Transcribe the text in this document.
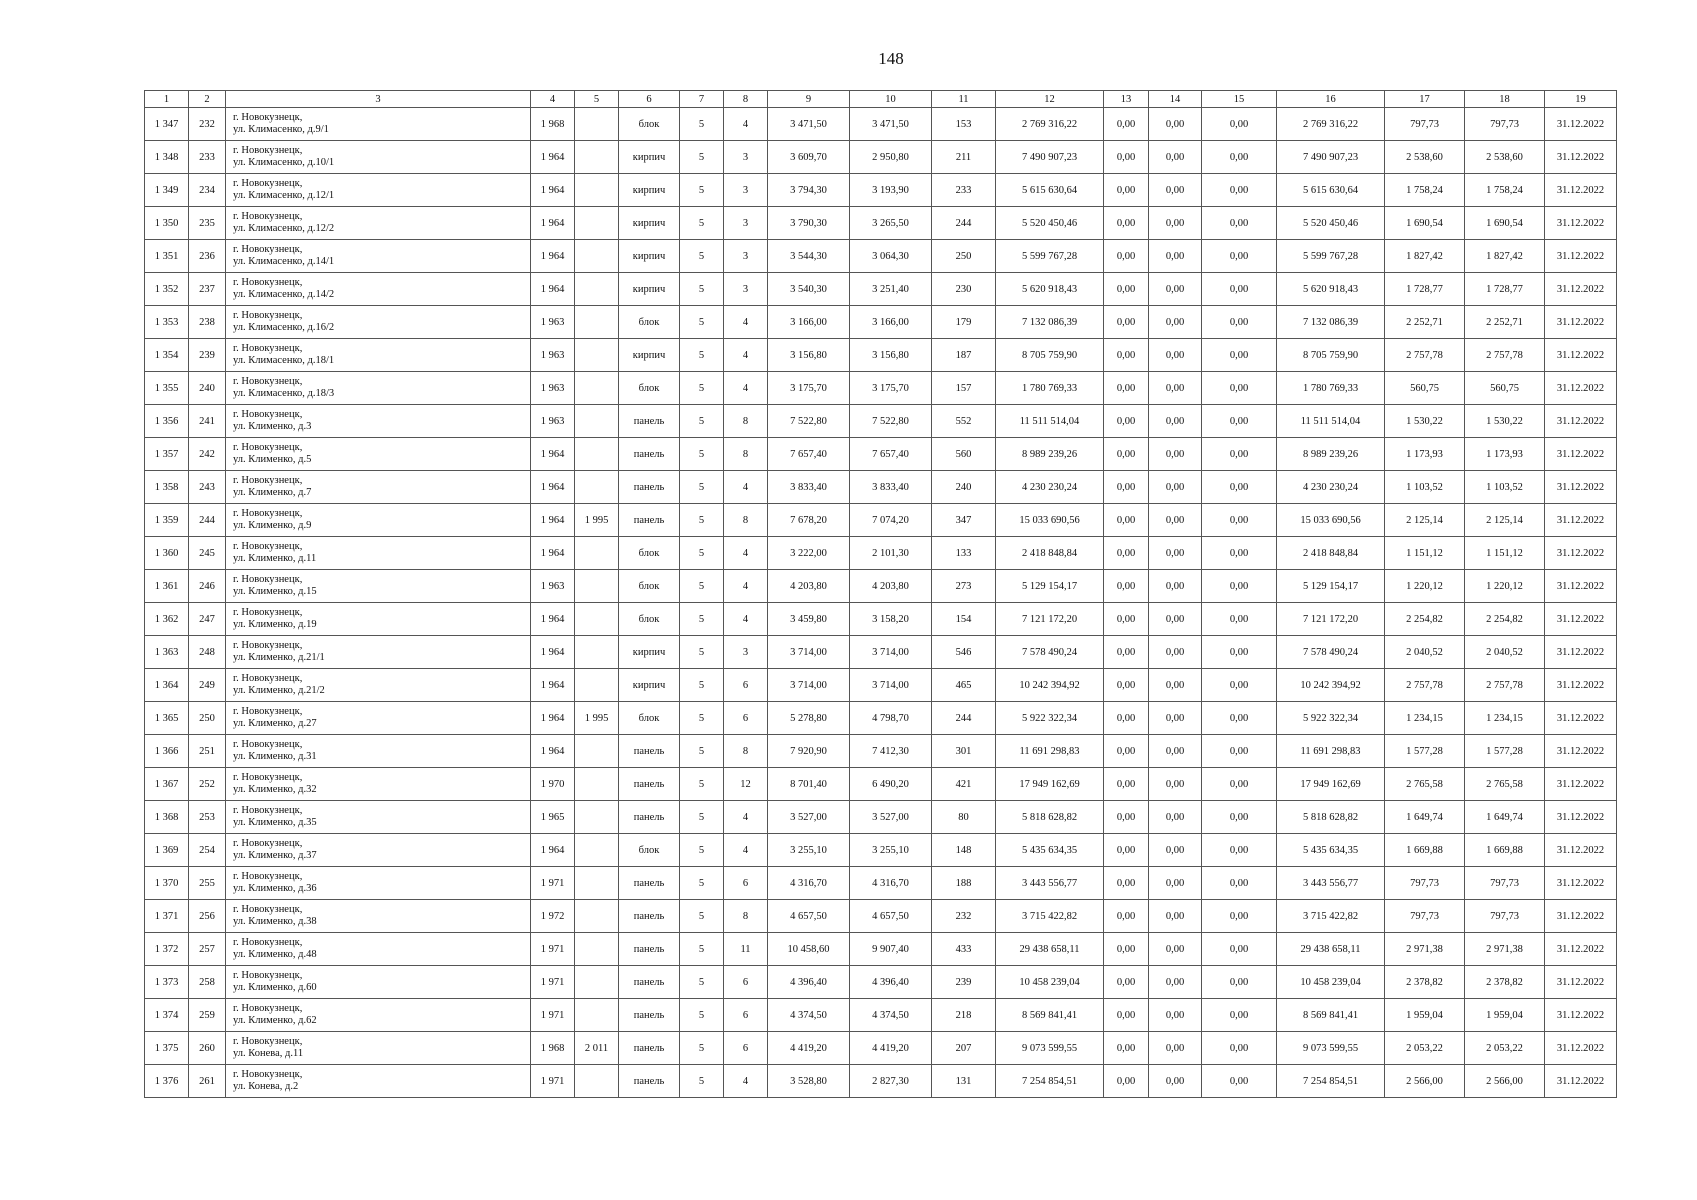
148
1	2	3	4	5	6	7	8	9	10	11	12	13	14	15	16	17	18	19
1 347	232	г. Новокузнецк,
ул. Климасенко, д.9/1	1 968		блок	5	4	3 471,50	3 471,50	153	2 769 316,22	0,00	0,00	0,00	2 769 316,22	797,73	797,73	31.12.2022
1 348	233	г. Новокузнецк,
ул. Климасенко, д.10/1	1 964		кирпич	5	3	3 609,70	2 950,80	211	7 490 907,23	0,00	0,00	0,00	7 490 907,23	2 538,60	2 538,60	31.12.2022
1 349	234	г. Новокузнецк,
ул. Климасенко, д.12/1	1 964		кирпич	5	3	3 794,30	3 193,90	233	5 615 630,64	0,00	0,00	0,00	5 615 630,64	1 758,24	1 758,24	31.12.2022
1 350	235	г. Новокузнецк,
ул. Климасенко, д.12/2	1 964		кирпич	5	3	3 790,30	3 265,50	244	5 520 450,46	0,00	0,00	0,00	5 520 450,46	1 690,54	1 690,54	31.12.2022
1 351	236	г. Новокузнецк,
ул. Климасенко, д.14/1	1 964		кирпич	5	3	3 544,30	3 064,30	250	5 599 767,28	0,00	0,00	0,00	5 599 767,28	1 827,42	1 827,42	31.12.2022
1 352	237	г. Новокузнецк,
ул. Климасенко, д.14/2	1 964		кирпич	5	3	3 540,30	3 251,40	230	5 620 918,43	0,00	0,00	0,00	5 620 918,43	1 728,77	1 728,77	31.12.2022
1 353	238	г. Новокузнецк,
ул. Климасенко, д.16/2	1 963		блок	5	4	3 166,00	3 166,00	179	7 132 086,39	0,00	0,00	0,00	7 132 086,39	2 252,71	2 252,71	31.12.2022
1 354	239	г. Новокузнецк,
ул. Климасенко, д.18/1	1 963		кирпич	5	4	3 156,80	3 156,80	187	8 705 759,90	0,00	0,00	0,00	8 705 759,90	2 757,78	2 757,78	31.12.2022
1 355	240	г. Новокузнецк,
ул. Климасенко, д.18/3	1 963		блок	5	4	3 175,70	3 175,70	157	1 780 769,33	0,00	0,00	0,00	1 780 769,33	560,75	560,75	31.12.2022
1 356	241	г. Новокузнецк,
ул. Клименко, д.3	1 963		панель	5	8	7 522,80	7 522,80	552	11 511 514,04	0,00	0,00	0,00	11 511 514,04	1 530,22	1 530,22	31.12.2022
1 357	242	г. Новокузнецк,
ул. Клименко, д.5	1 964		панель	5	8	7 657,40	7 657,40	560	8 989 239,26	0,00	0,00	0,00	8 989 239,26	1 173,93	1 173,93	31.12.2022
1 358	243	г. Новокузнецк,
ул. Клименко, д.7	1 964		панель	5	4	3 833,40	3 833,40	240	4 230 230,24	0,00	0,00	0,00	4 230 230,24	1 103,52	1 103,52	31.12.2022
1 359	244	г. Новокузнецк,
ул. Клименко, д.9	1 964	1 995	панель	5	8	7 678,20	7 074,20	347	15 033 690,56	0,00	0,00	0,00	15 033 690,56	2 125,14	2 125,14	31.12.2022
1 360	245	г. Новокузнецк,
ул. Клименко, д.11	1 964		блок	5	4	3 222,00	2 101,30	133	2 418 848,84	0,00	0,00	0,00	2 418 848,84	1 151,12	1 151,12	31.12.2022
1 361	246	г. Новокузнецк,
ул. Клименко, д.15	1 963		блок	5	4	4 203,80	4 203,80	273	5 129 154,17	0,00	0,00	0,00	5 129 154,17	1 220,12	1 220,12	31.12.2022
1 362	247	г. Новокузнецк,
ул. Клименко, д.19	1 964		блок	5	4	3 459,80	3 158,20	154	7 121 172,20	0,00	0,00	0,00	7 121 172,20	2 254,82	2 254,82	31.12.2022
1 363	248	г. Новокузнецк,
ул. Клименко, д.21/1	1 964		кирпич	5	3	3 714,00	3 714,00	546	7 578 490,24	0,00	0,00	0,00	7 578 490,24	2 040,52	2 040,52	31.12.2022
1 364	249	г. Новокузнецк,
ул. Клименко, д.21/2	1 964		кирпич	5	6	3 714,00	3 714,00	465	10 242 394,92	0,00	0,00	0,00	10 242 394,92	2 757,78	2 757,78	31.12.2022
1 365	250	г. Новокузнецк,
ул. Клименко, д.27	1 964	1 995	блок	5	6	5 278,80	4 798,70	244	5 922 322,34	0,00	0,00	0,00	5 922 322,34	1 234,15	1 234,15	31.12.2022
1 366	251	г. Новокузнецк,
ул. Клименко, д.31	1 964		панель	5	8	7 920,90	7 412,30	301	11 691 298,83	0,00	0,00	0,00	11 691 298,83	1 577,28	1 577,28	31.12.2022
1 367	252	г. Новокузнецк,
ул. Клименко, д.32	1 970		панель	5	12	8 701,40	6 490,20	421	17 949 162,69	0,00	0,00	0,00	17 949 162,69	2 765,58	2 765,58	31.12.2022
1 368	253	г. Новокузнецк,
ул. Клименко, д.35	1 965		панель	5	4	3 527,00	3 527,00	80	5 818 628,82	0,00	0,00	0,00	5 818 628,82	1 649,74	1 649,74	31.12.2022
1 369	254	г. Новокузнецк,
ул. Клименко, д.37	1 964		блок	5	4	3 255,10	3 255,10	148	5 435 634,35	0,00	0,00	0,00	5 435 634,35	1 669,88	1 669,88	31.12.2022
1 370	255	г. Новокузнецк,
ул. Клименко, д.36	1 971		панель	5	6	4 316,70	4 316,70	188	3 443 556,77	0,00	0,00	0,00	3 443 556,77	797,73	797,73	31.12.2022
1 371	256	г. Новокузнецк,
ул. Клименко, д.38	1 972		панель	5	8	4 657,50	4 657,50	232	3 715 422,82	0,00	0,00	0,00	3 715 422,82	797,73	797,73	31.12.2022
1 372	257	г. Новокузнецк,
ул. Клименко, д.48	1 971		панель	5	11	10 458,60	9 907,40	433	29 438 658,11	0,00	0,00	0,00	29 438 658,11	2 971,38	2 971,38	31.12.2022
1 373	258	г. Новокузнецк,
ул. Клименко, д.60	1 971		панель	5	6	4 396,40	4 396,40	239	10 458 239,04	0,00	0,00	0,00	10 458 239,04	2 378,82	2 378,82	31.12.2022
1 374	259	г. Новокузнецк,
ул. Клименко, д.62	1 971		панель	5	6	4 374,50	4 374,50	218	8 569 841,41	0,00	0,00	0,00	8 569 841,41	1 959,04	1 959,04	31.12.2022
1 375	260	г. Новокузнецк,
ул. Конева, д.11	1 968	2 011	панель	5	6	4 419,20	4 419,20	207	9 073 599,55	0,00	0,00	0,00	9 073 599,55	2 053,22	2 053,22	31.12.2022
1 376	261	г. Новокузнецк,
ул. Конева, д.2	1 971		панель	5	4	3 528,80	2 827,30	131	7 254 854,51	0,00	0,00	0,00	7 254 854,51	2 566,00	2 566,00	31.12.2022
